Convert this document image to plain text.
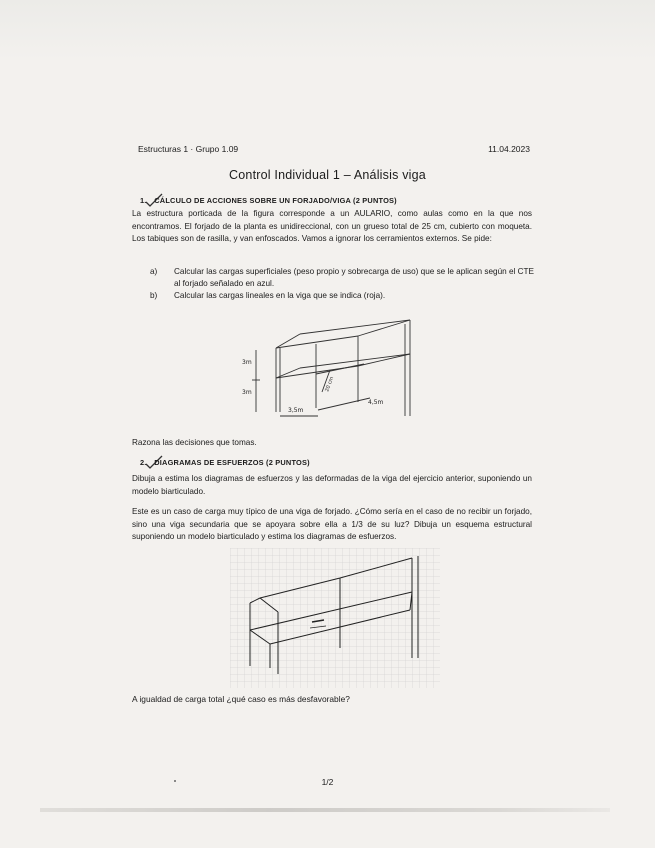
Estructuras 1 · Grupo 1.09	11.04.2023
Control Individual 1 – Análisis viga
1. CÁLCULO DE ACCIONES SOBRE UN FORJADO/VIGA (2 PUNTOS)

La estructura porticada de la figura corresponde a un AULARIO, como aulas como en la que nos encontramos. El forjado de la planta es unidireccional, con un grueso total de 25 cm, cubierto con moqueta. Los tabiques son de rasilla, y van enfoscados. Vamos a ignorar los cerramientos externos. Se pide:

a) Calcular las cargas superficiales (peso propio y sobrecarga de uso) que se le aplican según el CTE al forjado señalado en azul.
b) Calcular las cargas lineales en la viga que se indica (roja).
3m
3m
4,5m
3,5m
20 cm
Razona las decisiones que tomas.
2. DIAGRAMAS DE ESFUERZOS (2 PUNTOS)

Dibuja a estima los diagramas de esfuerzos y las deformadas de la viga del ejercicio anterior, suponiendo un modelo biarticulado.

Este es un caso de carga muy típico de una viga de forjado. ¿Cómo sería en el caso de no recibir un forjado, sino una viga secundaria que se apoyara sobre ella a 1/3 de su luz? Dibuja un esquema estructural suponiendo un modelo biarticulado y estima los diagramas de esfuerzos.

A igualdad de carga total ¿qué caso es más desfavorable?
1/2
